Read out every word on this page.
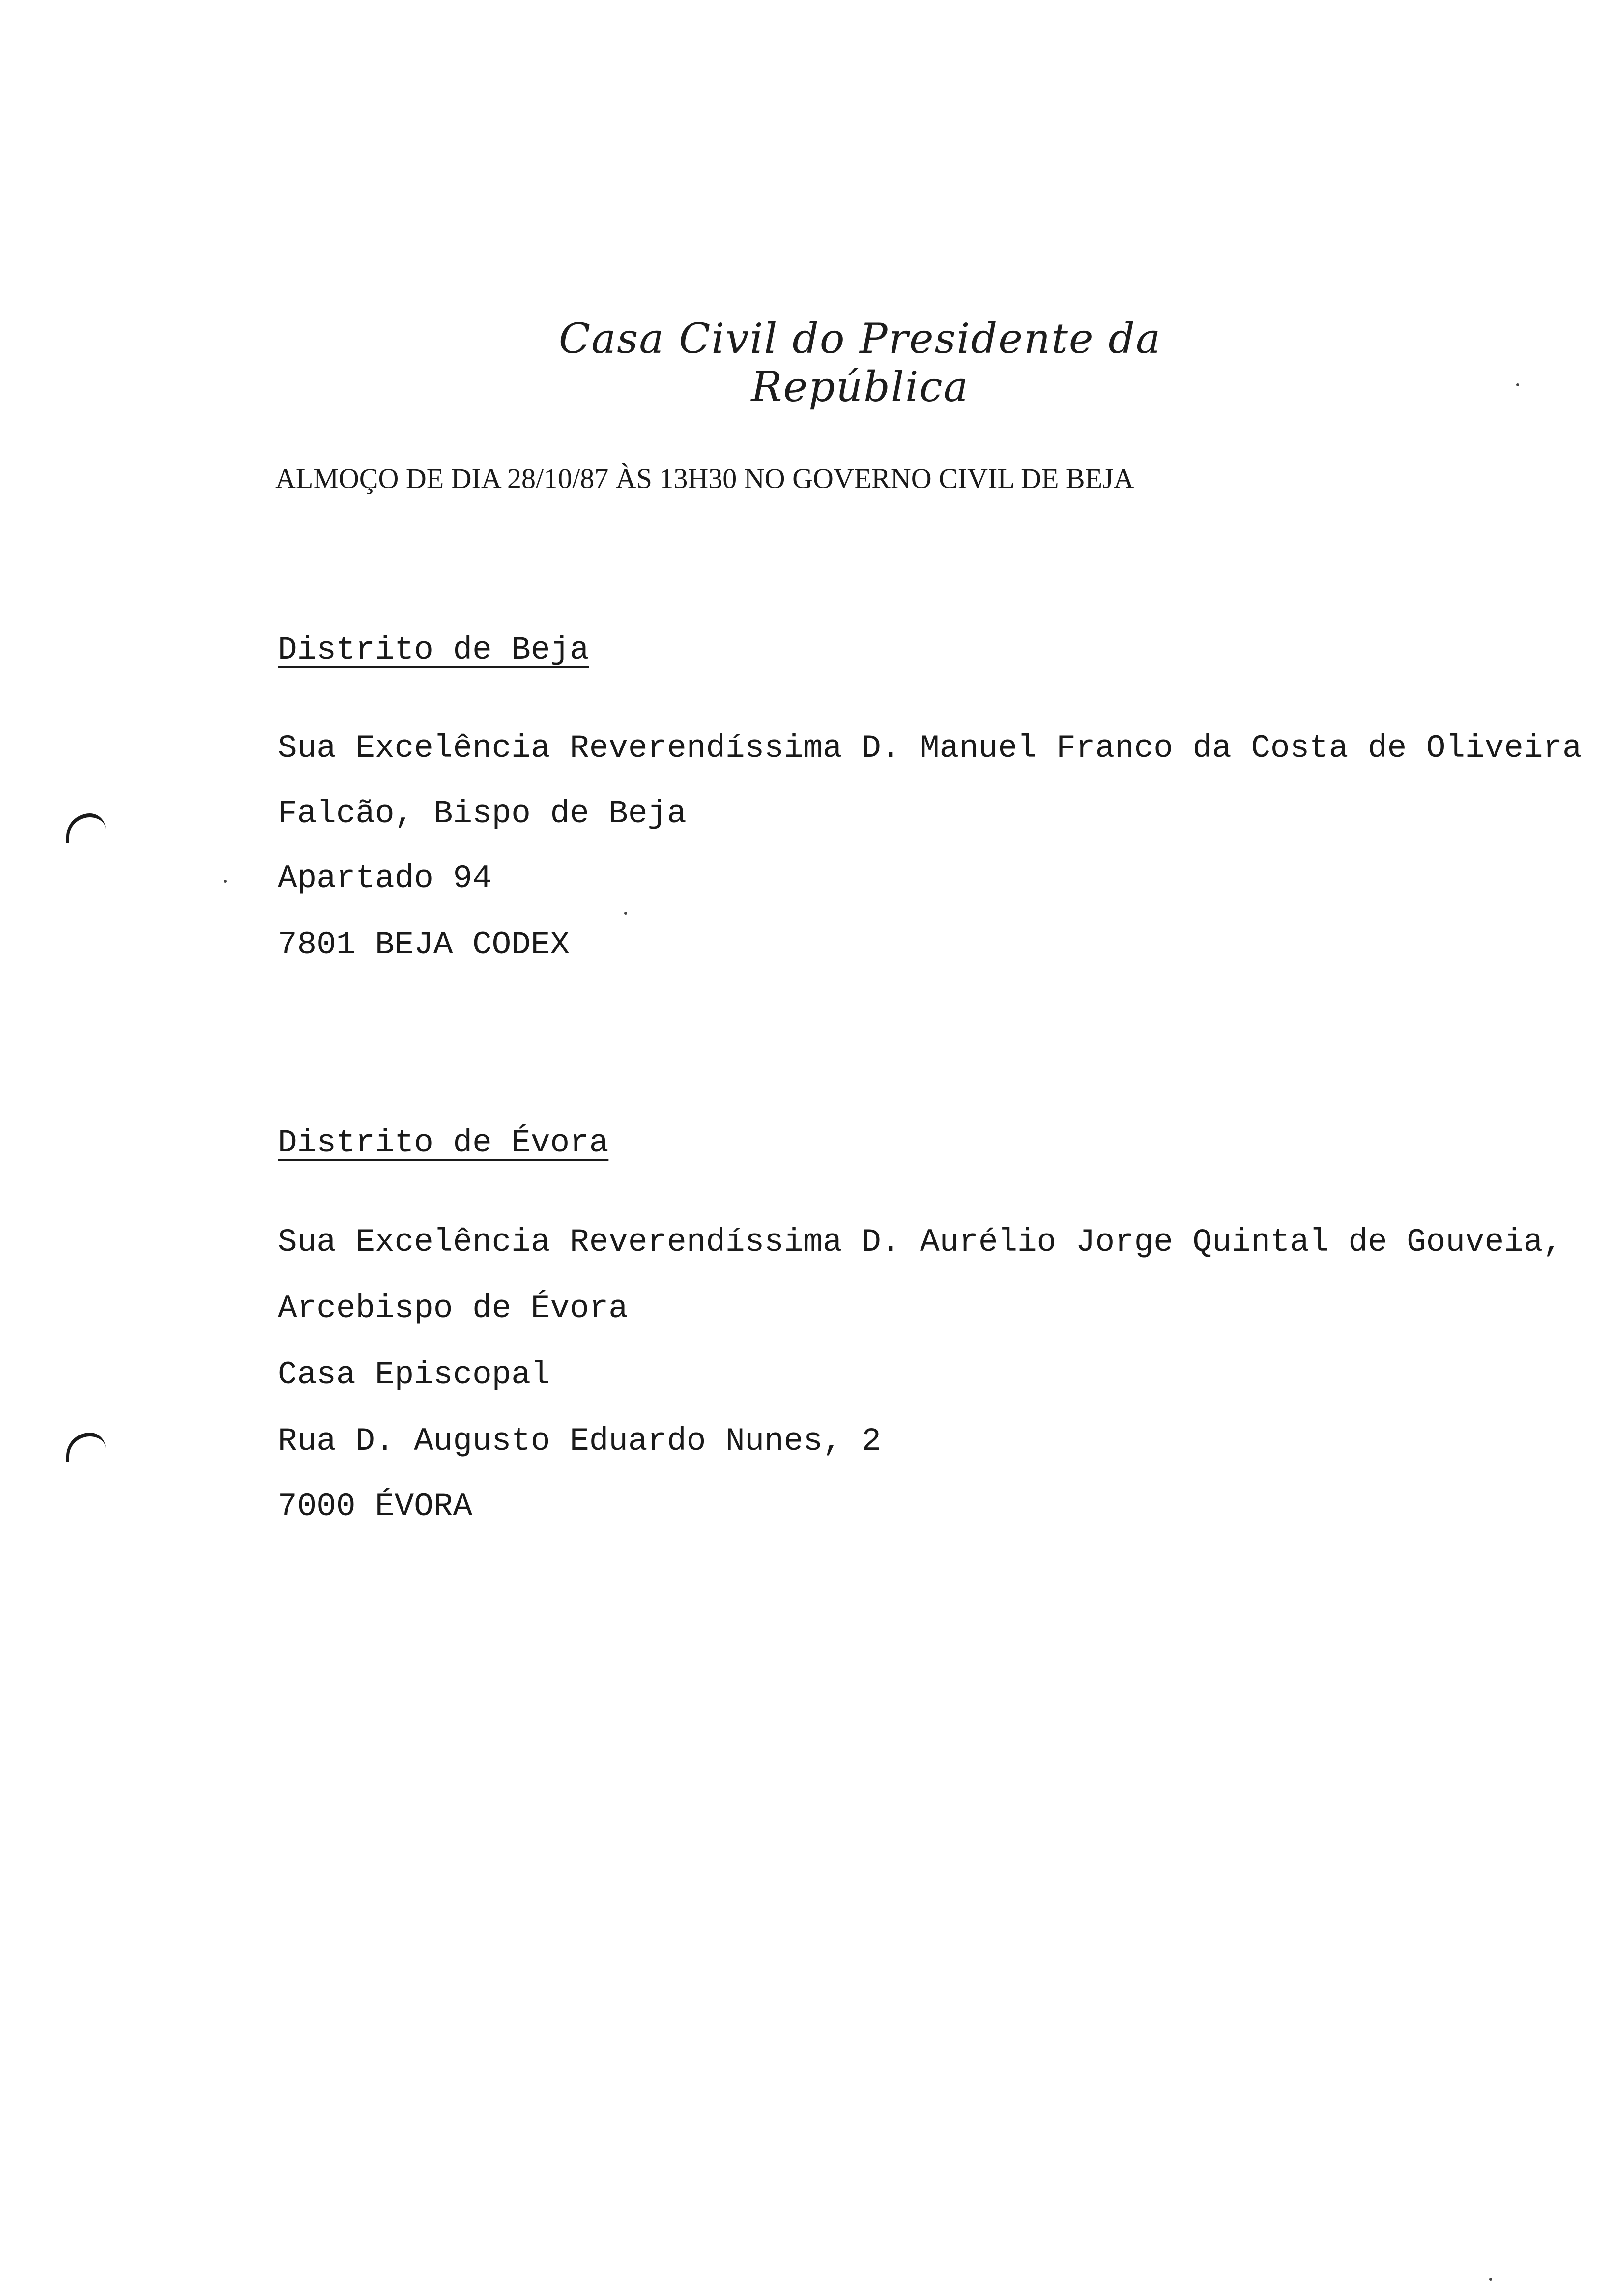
Casa Civil do Presidente da República
ALMOÇO DE DIA 28/10/87 ÀS 13H30 NO GOVERNO CIVIL DE BEJA
Distrito de Beja
Sua Excelência Reverendíssima D. Manuel Franco da Costa de Oliveira
Falcão, Bispo de Beja
Apartado 94
7801 BEJA CODEX
Distrito de Évora
Sua Excelência Reverendíssima D. Aurélio Jorge Quintal de Gouveia,
Arcebispo de Évora
Casa Episcopal
Rua D. Augusto Eduardo Nunes, 2
7000 ÉVORA
